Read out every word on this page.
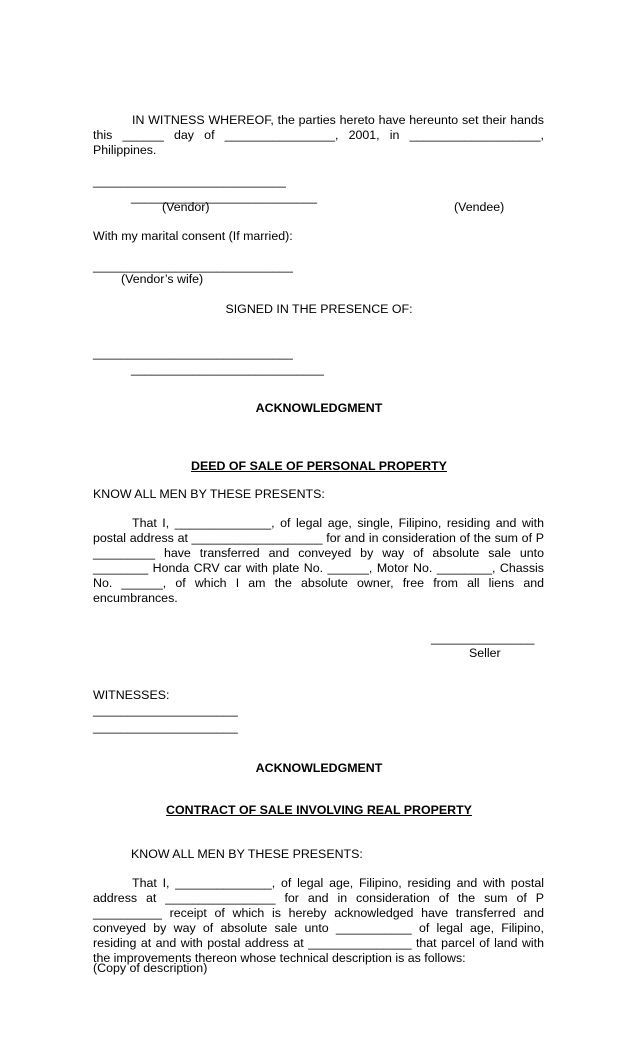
IN WITNESS WHEREOF, the parties hereto have hereunto set their hands this ______ day of ________________, 2001, in ___________________, Philippines.

____________________________

___________________________

(Vendor)	(Vendee)

With my marital consent (If married):

_____________________________

(Vendor’s wife)

SIGNED IN THE PRESENCE OF:

_____________________________

____________________________

ACKNOWLEDGMENT

DEED OF SALE OF PERSONAL PROPERTY

KNOW ALL MEN BY THESE PRESENTS:

That I, ______________, of legal age, single, Filipino, residing and with postal address at ___________________ for and in consideration of the sum of P _________ have transferred and conveyed by way of absolute sale unto ________ Honda CRV car with plate No. ______, Motor No. ________, Chassis No. ______, of which I am the absolute owner, free from all liens and encumbrances.

_______________

Seller

WITNESSES:

_____________________

_____________________

ACKNOWLEDGMENT

CONTRACT OF SALE INVOLVING REAL PROPERTY

KNOW ALL MEN BY THESE PRESENTS:

That I, ______________, of legal age, Filipino, residing and with postal address at ________________ for and in consideration of the sum of P __________ receipt of which is hereby acknowledged have transferred and conveyed by way of absolute sale unto ___________ of legal age, Filipino, residing at and with postal address at _______________ that parcel of land with the improvements thereon whose technical description is as follows:

(Copy of description)
